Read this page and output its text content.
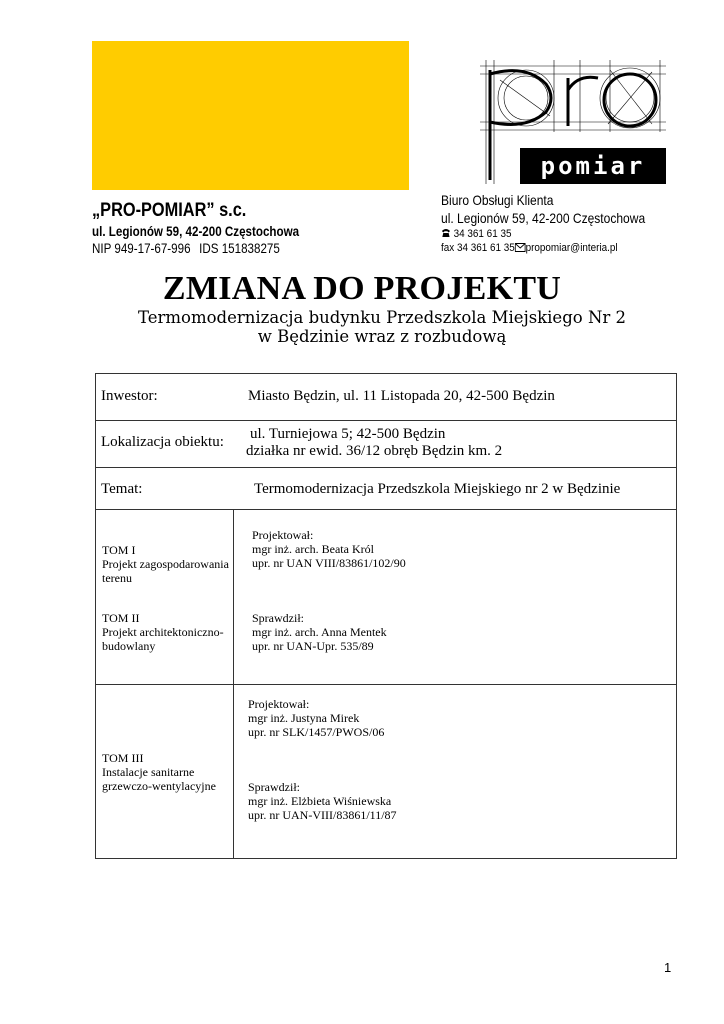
„PRO-POMIAR” s.c.
ul. Legionów 59, 42-200 Częstochowa
NIP 949-17-67-996 IDS 151838275
pomiar
Biuro Obsługi Klienta
ul. Legionów 59, 42-200 Częstochowa
34 361 61 35
fax 34 361 61 35 propomiar@interia.pl
ZMIANA DO PROJEKTU
Termomodernizacja budynku Przedszkola Miejskiego Nr 2
w Będzinie wraz z rozbudową
Inwestor:	Miasto Będzin, ul. 11 Listopada 20, 42-500 Będzin
Lokalizacja obiektu: ul. Turniejowa 5; 42-500 Będzin
działka nr ewid. 36/12 obręb Będzin km. 2
Temat:	Termomodernizacja Przedszkola Miejskiego nr 2 w Będzinie
TOM I
Projekt zagospodarowania
terenu
TOM II
Projekt architektoniczno-
budowlany
Projektował:
mgr inż. arch. Beata Król
upr. nr UAN VIII/83861/102/90
Sprawdził:
mgr inż. arch. Anna Mentek
upr. nr UAN-Upr. 535/89
TOM III
Instalacje sanitarne
grzewczo-wentylacyjne
Projektował:
mgr inż. Justyna Mirek
upr. nr SLK/1457/PWOS/06
Sprawdził:
mgr inż. Elżbieta Wiśniewska
upr. nr UAN-VIII/83861/11/87
1
